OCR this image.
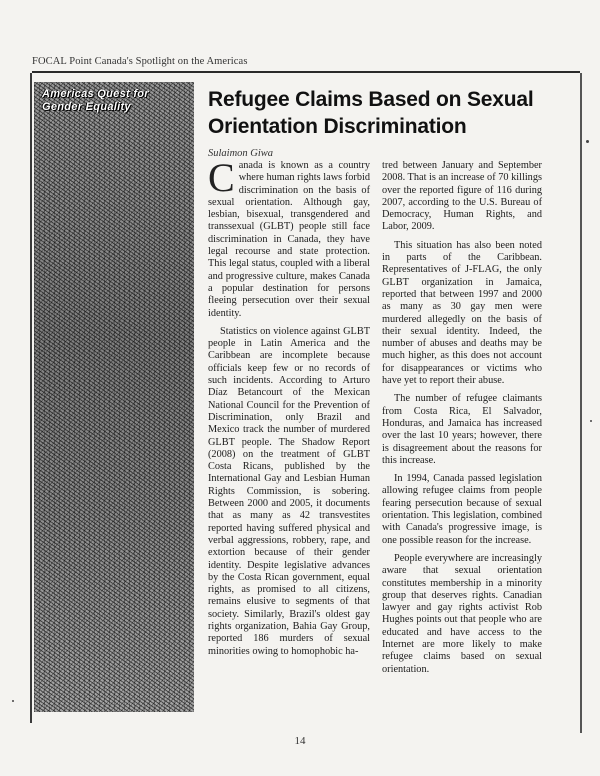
FOCAL Point Canada's Spotlight on the Americas
Americas Quest for Gender Equality	Refugee Claims Based on Sexual Orientation Discrimination
Sulaimon Giwa

Canada is known as a country where human rights laws forbid discrimination on the basis of sexual orientation. Although gay, lesbian, bisexual, transgendered and transsexual (GLBT) people still face discrimination in Canada, they have legal recourse and state protection. This legal status, coupled with a liberal and progressive culture, makes Canada a popular destination for persons fleeing persecution over their sexual identity.

Statistics on violence against GLBT people in Latin America and the Caribbean are incomplete because officials keep few or no records of such incidents. According to Arturo Díaz Betancourt of the Mexican National Council for the Prevention of Discrimination, only Brazil and Mexico track the number of murdered GLBT people. The Shadow Report (2008) on the treatment of GLBT Costa Ricans, published by the International Gay and Lesbian Human Rights Commission, is sobering. Between 2000 and 2005, it documents that as many as 42 transvestites reported having suffered physical and verbal aggressions, robbery, rape, and extortion because of their gender identity. Despite legislative advances by the Costa Rican government, equal rights, as promised to all citizens, remains elusive to segments of that society. Similarly, Brazil's oldest gay rights organization, Bahia Gay Group, reported 186 murders of sexual minorities owing to homophobic ha-

tred between January and September 2008. That is an increase of 70 killings over the reported figure of 116 during 2007, according to the U.S. Bureau of Democracy, Human Rights, and Labor, 2009.

This situation has also been noted in parts of the Caribbean. Representatives of J-FLAG, the only GLBT organization in Jamaica, reported that between 1997 and 2000 as many as 30 gay men were murdered allegedly on the basis of their sexual identity. Indeed, the number of abuses and deaths may be much higher, as this does not account for disappearances or victims who have yet to report their abuse.

The number of refugee claimants from Costa Rica, El Salvador, Honduras, and Jamaica has increased over the last 10 years; however, there is disagreement about the reasons for this increase.

In 1994, Canada passed legislation allowing refugee claims from people fearing persecution because of sexual orientation. This legislation, combined with Canada's progressive image, is one possible reason for the increase.

People everywhere are increasingly aware that sexual orientation constitutes membership in a minority group that deserves rights. Canadian lawyer and gay rights activist Rob Hughes points out that people who are educated and have access to the Internet are more likely to make refugee claims based on sexual orientation.

14
